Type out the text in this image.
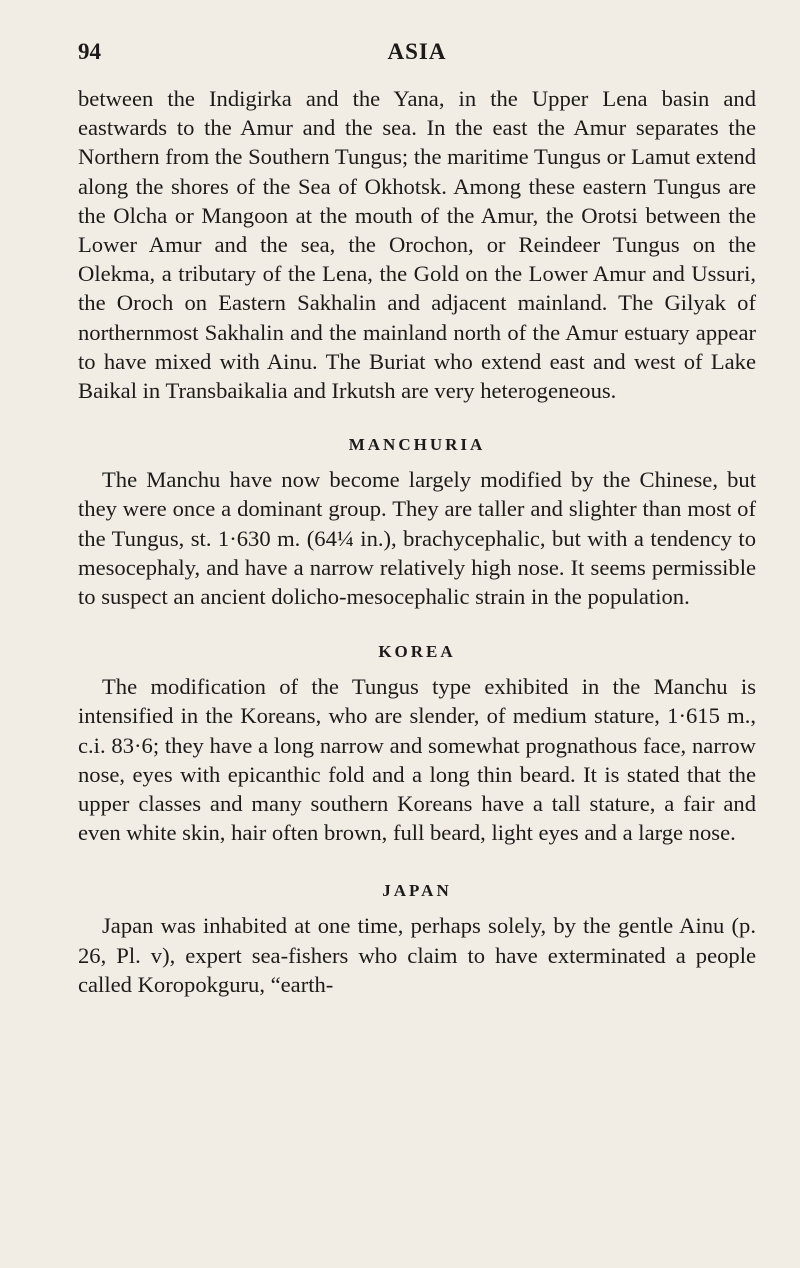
94	ASIA

between the Indigirka and the Yana, in the Upper Lena basin and eastwards to the Amur and the sea. In the east the Amur separates the Northern from the Southern Tungus; the maritime Tungus or Lamut extend along the shores of the Sea of Okhotsk. Among these eastern Tungus are the Olcha or Mangoon at the mouth of the Amur, the Orotsi between the Lower Amur and the sea, the Orochon, or Reindeer Tungus on the Olekma, a tributary of the Lena, the Gold on the Lower Amur and Ussuri, the Oroch on Eastern Sakhalin and adjacent mainland. The Gilyak of northernmost Sakhalin and the mainland north of the Amur estuary appear to have mixed with Ainu. The Buriat who extend east and west of Lake Baikal in Transbaikalia and Irkutsh are very heterogeneous.

MANCHURIA

The Manchu have now become largely modified by the Chinese, but they were once a dominant group. They are taller and slighter than most of the Tungus, st. 1·630 m. (64¼ in.), brachycephalic, but with a tendency to mesocephaly, and have a narrow relatively high nose. It seems permissible to suspect an ancient dolicho-mesocephalic strain in the population.

KOREA

The modification of the Tungus type exhibited in the Manchu is intensified in the Koreans, who are slender, of medium stature, 1·615 m., c.i. 83·6; they have a long narrow and somewhat prognathous face, narrow nose, eyes with epicanthic fold and a long thin beard. It is stated that the upper classes and many southern Koreans have a tall stature, a fair and even white skin, hair often brown, full beard, light eyes and a large nose.

JAPAN

Japan was inhabited at one time, perhaps solely, by the gentle Ainu (p. 26, Pl. v), expert sea-fishers who claim to have exterminated a people called Koropokguru, “earth-
